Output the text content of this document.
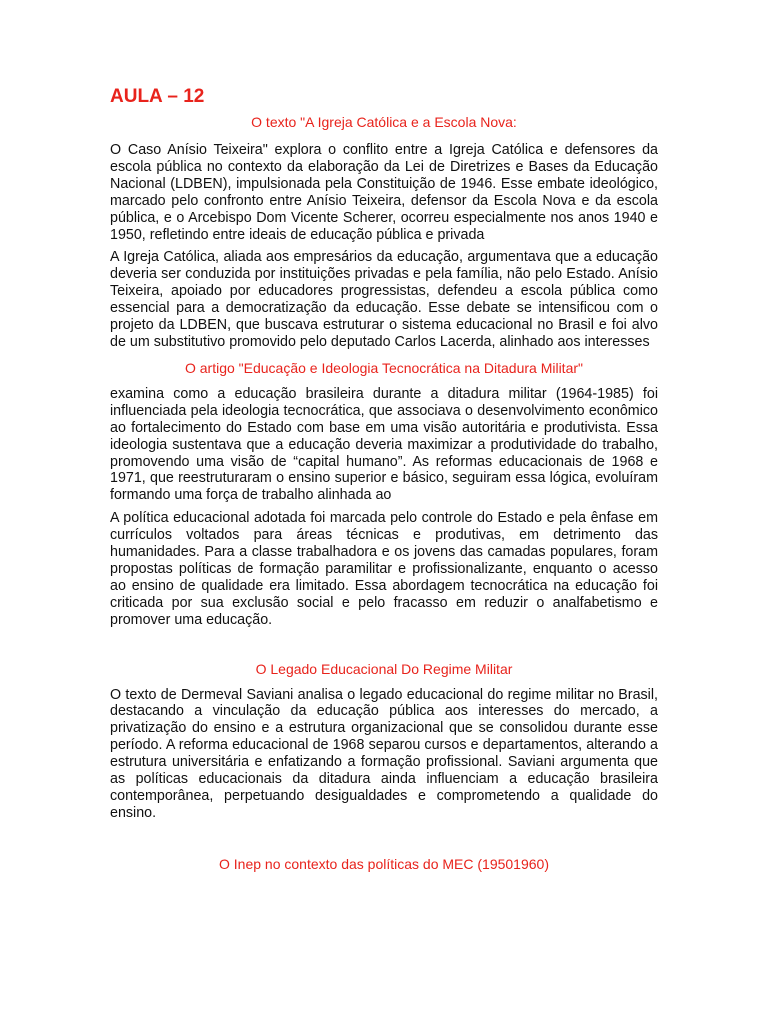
AULA – 12

O texto "A Igreja Católica e a Escola Nova:

O Caso Anísio Teixeira" explora o conflito entre a Igreja Católica e defensores da escola pública no contexto da elaboração da Lei de Diretrizes e Bases da Educação Nacional (LDBEN), impulsionada pela Constituição de 1946. Esse embate ideológico, marcado pelo confronto entre Anísio Teixeira, defensor da Escola Nova e da escola pública, e o Arcebispo Dom Vicente Scherer, ocorreu especialmente nos anos 1940 e 1950, refletindo entre ideais de educação pública e privada

A Igreja Católica, aliada aos empresários da educação, argumentava que a educação deveria ser conduzida por instituições privadas e pela família, não pelo Estado. Anísio Teixeira, apoiado por educadores progressistas, defendeu a escola pública como essencial para a democratização da educação. Esse debate se intensificou com o projeto da LDBEN, que buscava estruturar o sistema educacional no Brasil e foi alvo de um substitutivo promovido pelo deputado Carlos Lacerda, alinhado aos interesses

O artigo "Educação e Ideologia Tecnocrática na Ditadura Militar"

examina como a educação brasileira durante a ditadura militar (1964-1985) foi influenciada pela ideologia tecnocrática, que associava o desenvolvimento econômico ao fortalecimento do Estado com base em uma visão autoritária e produtivista. Essa ideologia sustentava que a educação deveria maximizar a produtividade do trabalho, promovendo uma visão de “capital humano”. As reformas educacionais de 1968 e 1971, que reestruturaram o ensino superior e básico, seguiram essa lógica, evoluíram formando uma força de trabalho alinhada ao

A política educacional adotada foi marcada pelo controle do Estado e pela ênfase em currículos voltados para áreas técnicas e produtivas, em detrimento das humanidades. Para a classe trabalhadora e os jovens das camadas populares, foram propostas políticas de formação paramilitar e profissionalizante, enquanto o acesso ao ensino de qualidade era limitado. Essa abordagem tecnocrática na educação foi criticada por sua exclusão social e pelo fracasso em reduzir o analfabetismo e promover uma educação.

O Legado Educacional Do Regime Militar

O texto de Dermeval Saviani analisa o legado educacional do regime militar no Brasil, destacando a vinculação da educação pública aos interesses do mercado, a privatização do ensino e a estrutura organizacional que se consolidou durante esse período. A reforma educacional de 1968 separou cursos e departamentos, alterando a estrutura universitária e enfatizando a formação profissional. Saviani argumenta que as políticas educacionais da ditadura ainda influenciam a educação brasileira contemporânea, perpetuando desigualdades e comprometendo a qualidade do ensino.

O Inep no contexto das políticas do MEC (19501960)
